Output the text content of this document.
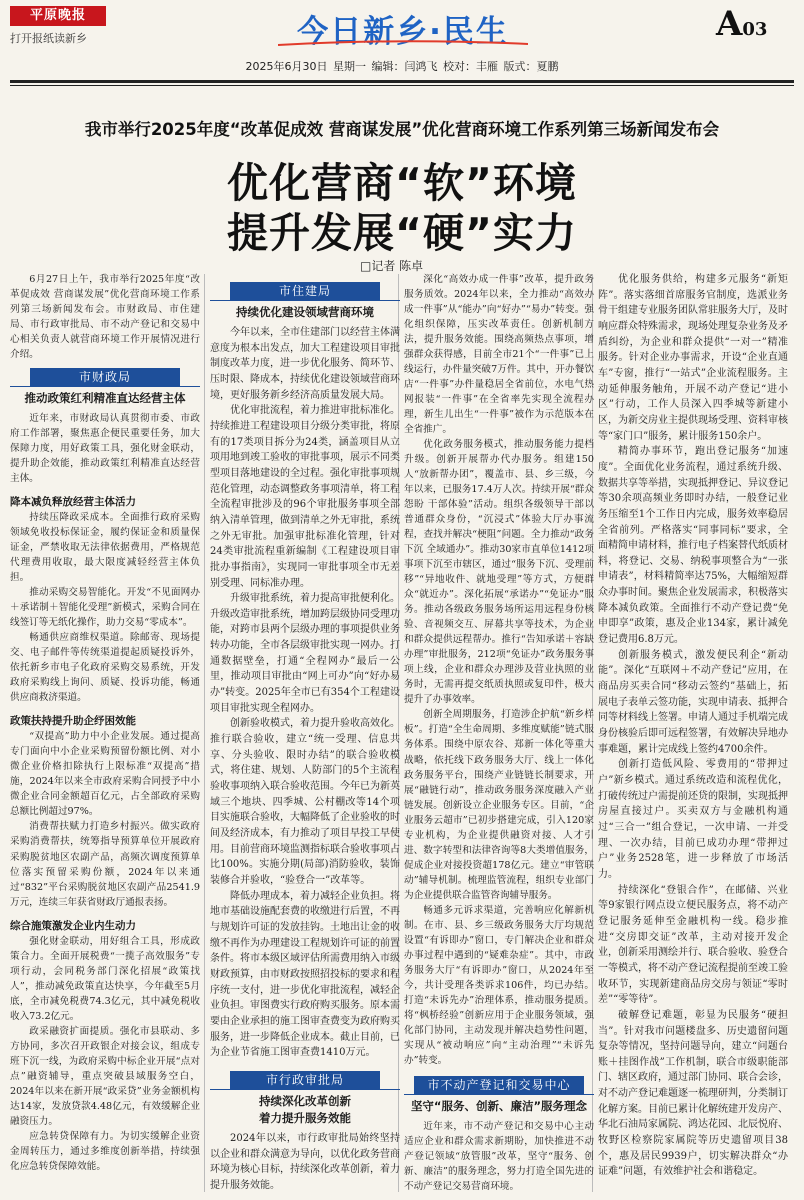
平原晚报
打开报纸读新乡	今日新乡·民生	A03
2025年6月30日 星期一 编辑：闫鸿飞 校对：丰雁 版式：夏鹏
我市举行2025年度“改革促成效 营商谋发展”优化营商环境工作系列第三场新闻发布会
优化营商“软”环境
提升发展“硬”实力
□记者 陈卓

6月27日上午，我市举行2025年度“改革促成效 营商谋发展”优化营商环境工作系列第三场新闻发布会。市财政局、市住建局、市行政审批局、市不动产登记和交易中心相关负责人就营商环境工作开展情况进行介绍。

市财政局
推动政策红利精准直达经营主体

近年来，市财政局认真贯彻市委、市政府工作部署，聚焦惠企便民重要任务，加大保障力度，用好政策工具，强化财金联动，提升助企效能，推动政策红利精准直达经营主体。

降本减负释放经营主体活力

持续压降政采成本。全面推行政府采购领域免收投标保证金，履约保证金和质量保证金，严禁收取无法律依据费用，严格规范代理费用收取，最大限度减轻经营主体负担。

推动采购交易智能化。开发“不见面网办＋承诺制＋智能化受理”新模式，采购合同在线签订等无纸化操作，助力交易“零成本”。

畅通供应商维权渠道。除邮寄、现场提交、电子邮件等传统渠道提起质疑投诉外，依托新乡市电子化政府采购交易系统，开发政府采购线上询问、质疑、投诉功能，畅通供应商救济渠道。

政策扶持提升助企纾困效能

“双提高”助力中小企业发展。通过提高专门面向中小企业采购预留份额比例、对小微企业价格扣除执行上限标准“双提高”措施，2024年以来全市政府采购合同授予中小微企业合同金额超百亿元，占全部政府采购总额比例超过97%。

消费帮扶赋力打造乡村振兴。做实政府采购消费帮扶，统筹指导预算单位开展政府采购脱贫地区农副产品，高频次调度预算单位落实预留采购份额，2024年以来通过“832”平台采购脱贫地区农副产品2541.9万元，连续三年获省财政厅通报表扬。

综合施策激发企业内生动力

强化财金联动，用好组合工具，形成政策合力。全面开展税费“一揽子高效服务”专项行动，会同税务部门深化招展“政策找人”，推动减免政策直达快享，今年截至5月底，全市减免税费74.3亿元，其中减免税收收入73.2亿元。

政采融资扩面提质。强化市县联动、多方协同，多次召开政银企对接会议，组成专班下沉一线，为政府采购中标企业开展“点对点”融资辅导，重点突破县域服务空白，2024年以来在新开展“政采贷”业务金额机构达14家，发放贷款4.48亿元，有效缓解企业融资压力。

应急转贷保障有力。为切实缓解企业资金周转压力，通过多维度创新举措，持续强化应急转贷保障效能。

市住建局
持续优化建设领域营商环境

今年以来，全市住建部门以经营主体满意度为根本出发点，加大工程建设项目审批制度改革力度，进一步优化服务、简环节、压时限、降成本，持续优化建设领域营商环境，更好服务新乡经济高质量发展大局。

优化审批流程，着力推进审批标准化。持续推进工程建设项目分级分类审批，将原有的17类项目拆分为24类，涵盖项目从立项用地到竣工验收的审批事项，展示不同类型项目落地建设的全过程。强化审批事项规范化管理，动态调整政务事项清单，将工程全流程审批涉及的96个审批服务事项全部纳入清单管理，做到清单之外无审批，系统之外无审批。加强审批标准化管理，针对24类审批流程重新编制《工程建设项目审批办事指南》，实现同一审批事项全市无差别受理、同标准办理。

升级审批系统，着力提高审批便利化。升级改造审批系统，增加跨层级协同受理功能，对跨市县两个层级办理的事项提供业务转办功能，全市各层级审批实现一网办。打通数据壁垒，打通“全程网办”最后一公里，推动项目审批由“网上可办”向“好办易办”转变。2025年全市已有354个工程建设项目审批实现全程网办。

创新验收模式，着力提升验收高效化。推行联合验收，建立“统一受理、信息共享、分头验收、限时办结”的联合验收模式，将住建、规划、人防部门的5个主流程验收事项纳入联合验收范围。今年已为新英域三个地块、四季城、公村棚改等14个项目实施联合验收，大幅降低了企业验收的时间及经济成本，有力推动了项目早投工早使用。目前营商环境监测指标联合验收事项占比100%。实施分期(局部)消防验收，装饰装修合并验收，“验登合一”改革等。

降低办理成本，着力减轻企业负担。将地市基础设施配套费的收缴进行后置，不再与规划许可证的发放挂钩。土地出让金的收缴不再作为办理建设工程规划许可证的前置条件。将市本级区域评估所需费用纳入市级财政预算，由市财政按照招投标的要求和程序统一支付，进一步优化审批流程，减轻企业负担。审图费实行政府购买服务。原本需要由企业承担的施工图审查费变为政府购买服务，进一步降低企业成本。截止目前，已为企业节省施工图审查费1410万元。

市行政审批局
持续深化改革创新
着力提升服务效能

2024年以来，市行政审批局始终坚持以企业和群众满意为导向，以优化政务营商环境为核心目标，持续深化改革创新，着力提升服务效能。

深化“高效办成一件事”改革，提升政务服务质效。2024年以来，全力推动“高效办成一件事”从“能办”向“好办”“易办”转变。强化组织保障，压实改革责任。创新机制方法，提升服务效能。围绕高频热点事项，增强群众获得感，目前全市21个“一件事”已上线运行，办件量突破7万件。其中，开办餐饮店“一件事”办件量稳居全省前位，水电气热网报装“一件事”在全省率先实现全流程办理，新生儿出生“一件事”被作为示范版本在全省推广。

优化政务服务模式，推动服务能力提档升级。创新开展帮办代办服务。组建150人“放新帮办团”，覆盖市、县、乡三级，今年以来，已服务17.4万人次。持续开展“群众怨盼 干部体验”活动。组织各级领导干部以普通群众身份，“沉浸式”体验大厅办事流程，查找并解决“梗阻”问题。全力推动“政务下沉 全域通办”。推动30家市直单位1412项事项下沉至市辖区，通过“服务下沉、受理前移”“异地收件、就地受理”等方式，方便群众“就近办”。深化拓展“承诺办”“免证办”服务。推动各级政务服务场所运用远程身份核验、音视频交互、屏幕共享等技术，为企业和群众提供远程帮办。推行“告知承诺＋容缺办理”审批服务，212项“免证办”政务服务事项上线，企业和群众办理涉及营业执照的业务时，无需再提交纸质执照或复印件，极大提升了办事效率。

创新全周期服务，打造涉企护航“新乡样板”。打造“全生命周期、多维度赋能”链式服务体系。围绕中原农谷、郑新一体化等重大战略，依托线下政务服务大厅、线上一体化政务服务平台，围绕产业链链长制要求，开展“融链行动”，推动政务服务深度融入产业链发展。创新设立企业服务专区。目前，“企业服务云超市”已初步搭建完成，引入120家专业机构，为企业提供融资对接、人才引进、数字转型和法律咨询等8大类增值服务，促成企业对接投资超178亿元。建立“审管联动”辅导机制。梳理监管流程，组织专业部门为企业提供联合监管咨询辅导服务。

畅通多元诉求渠道，完善响应化解新机制。在市、县、乡三级政务服务大厅均规范设置“有诉即办”窗口，专门解决企业和群众办事过程中遇到的“疑难杂症”。其中，市政务服务大厅“有诉即办”窗口，从2024年至今，共计受理各类诉求106件，均已办结。打造“未诉先办”治理体系，推动服务提质。将“枫桥经验”创新应用于企业服务领域，强化部门协同，主动发现并解决趋势性问题，实现从“被动响应”向“主动治理”“未诉先办”转变。

市不动产登记和交易中心
坚守“服务、创新、廉洁”服务理念

近年来，市不动产登记和交易中心主动适应企业和群众需求新期盼，加快推进不动产登记领域“放管服”改革，坚守“服务、创新、廉洁”的服务理念，努力打造全国先进的不动产登记交易营商环境。

优化服务供给，构建多元服务“新矩阵”。落实落细首席服务官制度，选派业务骨干组建专业服务团队常驻服务大厅，及时响应群众特殊需求，现场处理复杂业务及矛盾纠纷，为企业和群众提供“一对一”精准服务。针对企业办事需求，开设“企业直通车”专窗，推行“一站式”企业流程服务。主动延伸服务触角，开展不动产登记“进小区”行动，工作人员深入四季城等新建小区，为新交房业主提供现场受理、资料审核等“家门口”服务，累计服务150余户。

精简办事环节，跑出登记服务“加速度”。全面优化业务流程，通过系统升级、数据共享等举措，实现抵押登记、异议登记等30余项高频业务即时办结，一般登记业务压缩至1个工作日内完成，服务效率稳居全省前列。严格落实“同事同标”要求，全面精简申请材料，推行电子档案替代纸质材料，将登记、交易、纳税事项整合为“一张申请表”，材料精简率达75%，大幅缩短群众办事时间。聚焦企业发展需求，积极落实降本减负政策。全面推行不动产登记费“免申即享”政策，惠及企业134家，累计减免登记费用6.8万元。

创新服务模式，激发便民利企“新动能”。深化“互联网＋不动产登记”应用，在商品房买卖合同“移动云签约”基础上，拓展电子表单云签功能，实现申请表、抵押合同等材料线上签署。申请人通过手机端完成身份核验后即可远程签署，有效解决异地办事难题，累计完成线上签约4700余件。

创新打造低风险、零费用的“带押过户”新乡模式。通过系统改造和流程优化，打破传统过户需提前还贷的限制，实现抵押房屋直接过户。买卖双方与金融机构通过“三合一”组合登记，一次申请、一并受理、一次办结，目前已成功办理“带押过户”业务2528笔，进一步释放了市场活力。

持续深化“登银合作”，在邮储、兴业等9家银行网点设立便民服务点，将不动产登记服务延伸至金融机构一线。稳步推进“交房即交证”改革，主动对接开发企业，创新采用测绘并行、联合验收、验登合一等模式，将不动产登记流程提前至竣工验收环节，实现新建商品房交房与领证“零时差”“零等待”。

破解登记难题，彰显为民服务“硬担当”。针对我市问题楼盘多、历史遗留问题复杂等情况，坚持问题导向，建立“问题台账＋挂图作战”工作机制，联合市级职能部门、辖区政府，通过部门协同、联合会诊，对不动产登记难题逐一梳理研判，分类制订化解方案。目前已累计化解统建开发房产、华北石油局家属院、鸿达花园、北辰悦府、牧野区检察院家属院等历史遗留项目38个，惠及居民9939户，切实解决群众“办证难”问题，有效维护社会和谐稳定。
